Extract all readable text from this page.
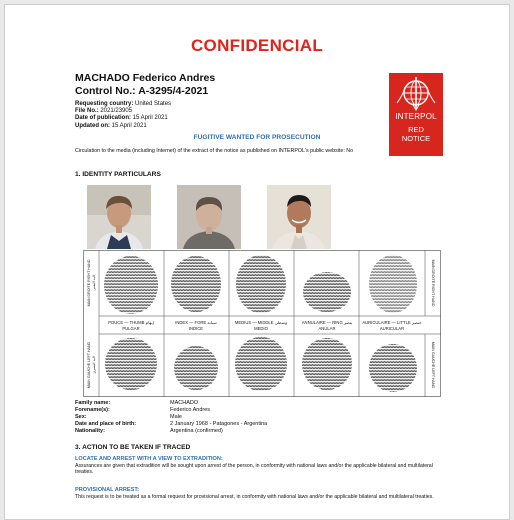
CONFIDENCIAL
MACHADO Federico Andres
Control No.: A-3295/4-2021
Requesting country: United States
File No.: 2021/23905
Date of publication: 15 April 2021
Updated on: 15 April 2021
INTERPOL
RED
NOTICE
FUGITIVE WANTED FOR PROSECUTION
Circulation to the media (including Internet) of the extract of the notice as published on INTERPOL's public website: No
1. IDENTITY PARTICULARS
MAIN DROITE RIGHT HAND اليد اليمنى
MAIN GAUCHE LEFT HAND اليد اليسرى
MAIN DROITE RIGHT HAND
MAIN GAUCHE LEFT HAND
POUCE — THUMB إبهام
PULGAR
INDEX — FORE سبابة
INDICE
MEDIUS — MIDDLE وسطى
MEDIO
ANNULAIRE — RING بنصر
ANULAR
AURICULAIRE — LITTLE خنصر
AURICULAR
Family name:	MACHADO
Forename(s):	Federico Andres
Sex:	Male
Date and place of birth:	2 January 1968 - Patagones - Argentina
Nationality:	Argentina (confirmed)
3. ACTION TO BE TAKEN IF TRACED
LOCATE AND ARREST WITH A VIEW TO EXTRADITION:
Assurances are given that extradition will be sought upon arrest of the person, in conformity with national laws and/or the applicable bilateral and multilateral treaties.
PROVISIONAL ARREST:
This request is to be treated as a formal request for provisional arrest, in conformity with national laws and/or the applicable bilateral and multilateral treaties.
